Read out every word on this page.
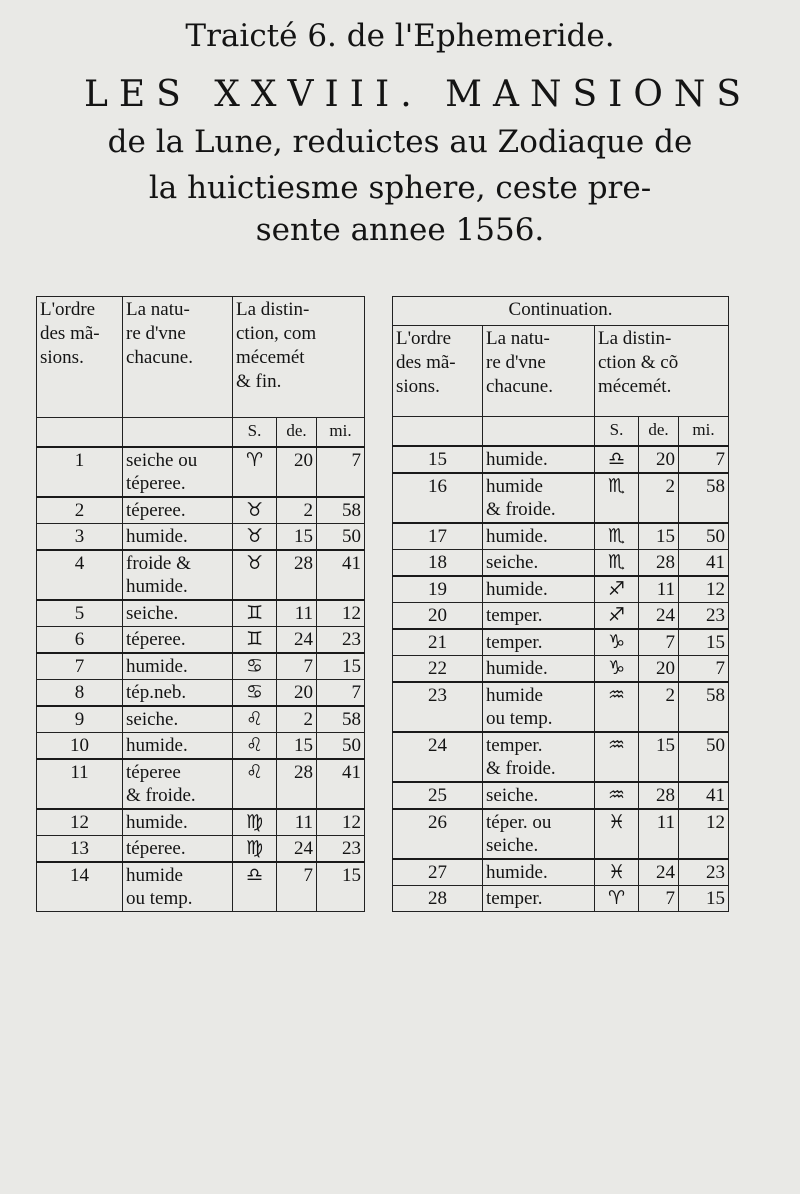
Traicté 6. de l'Ephemeride.
LES XXVIII. MANSIONS
de la Lune, reduictes au Zodiaque de
la huictiesme sphere, ceste pre-
sente annee 1556.
L'ordre
des mã-
sions.	La natu-
re d'vne
chacune.	La distin-
ction, com
mécemét
& fin.		

		S.	de.	mi.
1	seiche ou
téperee.	♈	20	7
2	téperee.	♉	2	58
3	humide.	♉	15	50
4	froide &
humide.	♉	28	41
5	seiche.	♊	11	12
6	téperee.	♊	24	23
7	humide.	♋	7	15
8	tép.neb.	♋	20	7
9	seiche.	♌	2	58
10	humide.	♌	15	50
11	téperee
& froide.	♌	28	41
12	humide.	♍	11	12
13	téperee.	♍	24	23
14	humide
ou temp.	♎	7	15
Continuation.				

L'ordre
des mã-
sions.	La natu-
re d'vne
chacune.	La distin-
ction & cõ
mécemét.		

		S.	de.	mi.
15	humide.	♎	20	7
16	humide
& froide.	♏	2	58
17	humide.	♏	15	50
18	seiche.	♏	28	41
19	humide.	♐	11	12
20	temper.	♐	24	23
21	temper.	♑	7	15
22	humide.	♑	20	7
23	humide
ou temp.	♒	2	58
24	temper.
& froide.	♒	15	50
25	seiche.	♒	28	41
26	téper. ou
seiche.	♓	11	12
27	humide.	♓	24	23
28	temper.	♈	7	15
